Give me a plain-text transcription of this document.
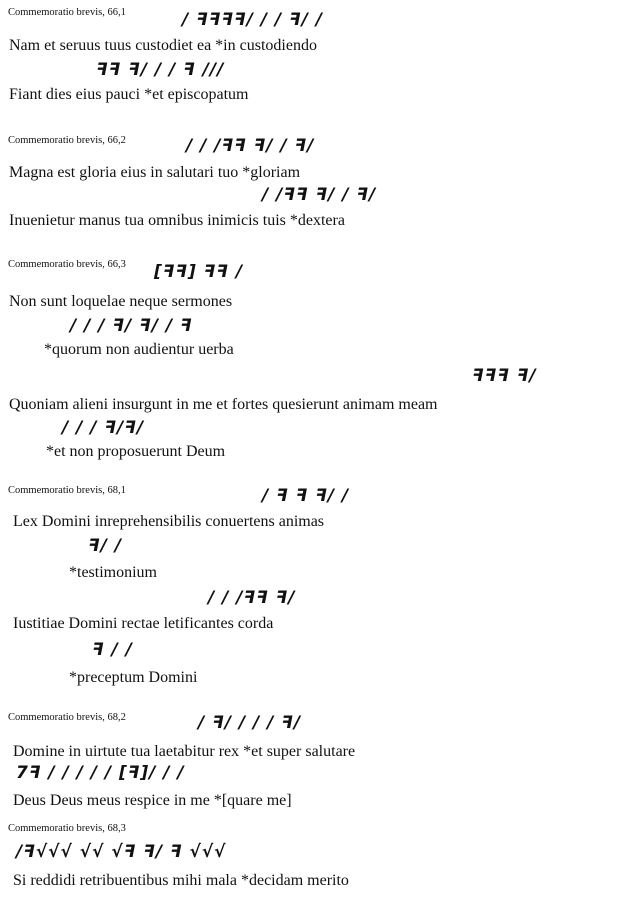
Commemoratio brevis, 66,1	/ ꟻꟻꟻꟻ/ / / ꟻ/ /
Nam et seruus tuus custodiet ea *in custodiendo
ꟻꟻ ꟻ/ / / ꟻ ///
Fiant dies eius pauci *et episcopatum
Commemoratio brevis, 66,2	/ / /ꟻꟻ ꟻ/ / ꟻ/
Magna est gloria eius in salutari tuo *gloriam
/ /ꟻꟻ ꟻ/ / ꟻ/
Inuenietur manus tua omnibus inimicis tuis *dextera
Commemoratio brevis, 66,3 [ꟻꟻ] ꟻꟻ /
Non sunt loquelae neque sermones
/ / / ꟻ/ ꟻ/ / ꟻ
*quorum non audientur uerba
ꟻꟻꟻ ꟻ/
Quoniam alieni insurgunt in me et fortes quesierunt animam meam
/ / / ꟻ/ꟻ/
*et non proposuerunt Deum
Commemoratio brevis, 68,1	/ ꟻ ꟻ ꟻ/ /
Lex Domini inreprehensibilis conuertens animas
ꟻ/ /
*testimonium
/ / /ꟻꟻ ꟻ/
Iustitiae Domini rectae letificantes corda
ꟻ / /
*preceptum Domini
Commemoratio brevis, 68,2	/ ꟻ/ / / / ꟻ/
Domine in uirtute tua laetabitur rex *et super salutare
7ꟻ / / / / / [ꟻ]/ / /
Deus Deus meus respice in me *[quare me]
Commemoratio brevis, 68,3
/ꟻ√√√ √√ √ꟻ ꟻ/ ꟻ √√√
Si reddidi retribuentibus mihi mala *decidam merito
